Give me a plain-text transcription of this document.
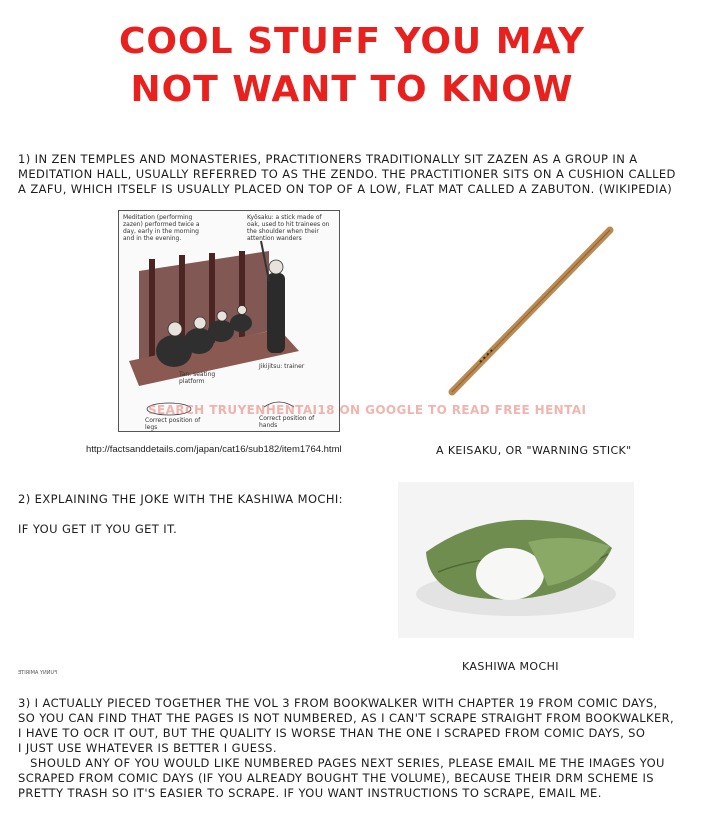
COOL STUFF YOU MAY
NOT WANT TO KNOW
1) IN ZEN TEMPLES AND MONASTERIES, PRACTITIONERS TRADITIONALLY SIT ZAZEN AS A GROUP IN A
MEDITATION HALL, USUALLY REFERRED TO AS THE ZENDO. THE PRACTITIONER SITS ON A CUSHION CALLED
A ZAFU, WHICH ITSELF IS USUALLY PLACED ON TOP OF A LOW, FLAT MAT CALLED A ZABUTON. (WIKIPEDIA)
Meditation (performing zazen) performed twice a day, early in the morning and in the evening.
Kyōsaku: a stick made of oak, used to hit trainees on the shoulder when their attention wanders
Tan: seating platform
Jikijitsu: trainer
Correct position of legs
Correct position of hands
SEARCH TRUYENHENTAI18 ON GOOGLE TO READ FREE HENTAI
http://factsanddetails.com/japan/cat16/sub182/item1764.html	A KEISAKU, OR "WARNING STICK"
2) EXPLAINING THE JOKE WITH THE KASHIWA MOCHI:
IF YOU GET IT YOU GET IT.
KASHIWA MOCHI
FUNNY AMIRITE
3) I ACTUALLY PIECED TOGETHER THE VOL 3 FROM BOOKWALKER WITH CHAPTER 19 FROM COMIC DAYS,
SO YOU CAN FIND THAT THE PAGES IS NOT NUMBERED, AS I CAN'T SCRAPE STRAIGHT FROM BOOKWALKER,
I HAVE TO OCR IT OUT, BUT THE QUALITY IS WORSE THAN THE ONE I SCRAPED FROM COMIC DAYS, SO
I JUST USE WHATEVER IS BETTER I GUESS.
SHOULD ANY OF YOU WOULD LIKE NUMBERED PAGES NEXT SERIES, PLEASE EMAIL ME THE IMAGES YOU
SCRAPED FROM COMIC DAYS (IF YOU ALREADY BOUGHT THE VOLUME), BECAUSE THEIR DRM SCHEME IS
PRETTY TRASH SO IT'S EASIER TO SCRAPE. IF YOU WANT INSTRUCTIONS TO SCRAPE, EMAIL ME.
